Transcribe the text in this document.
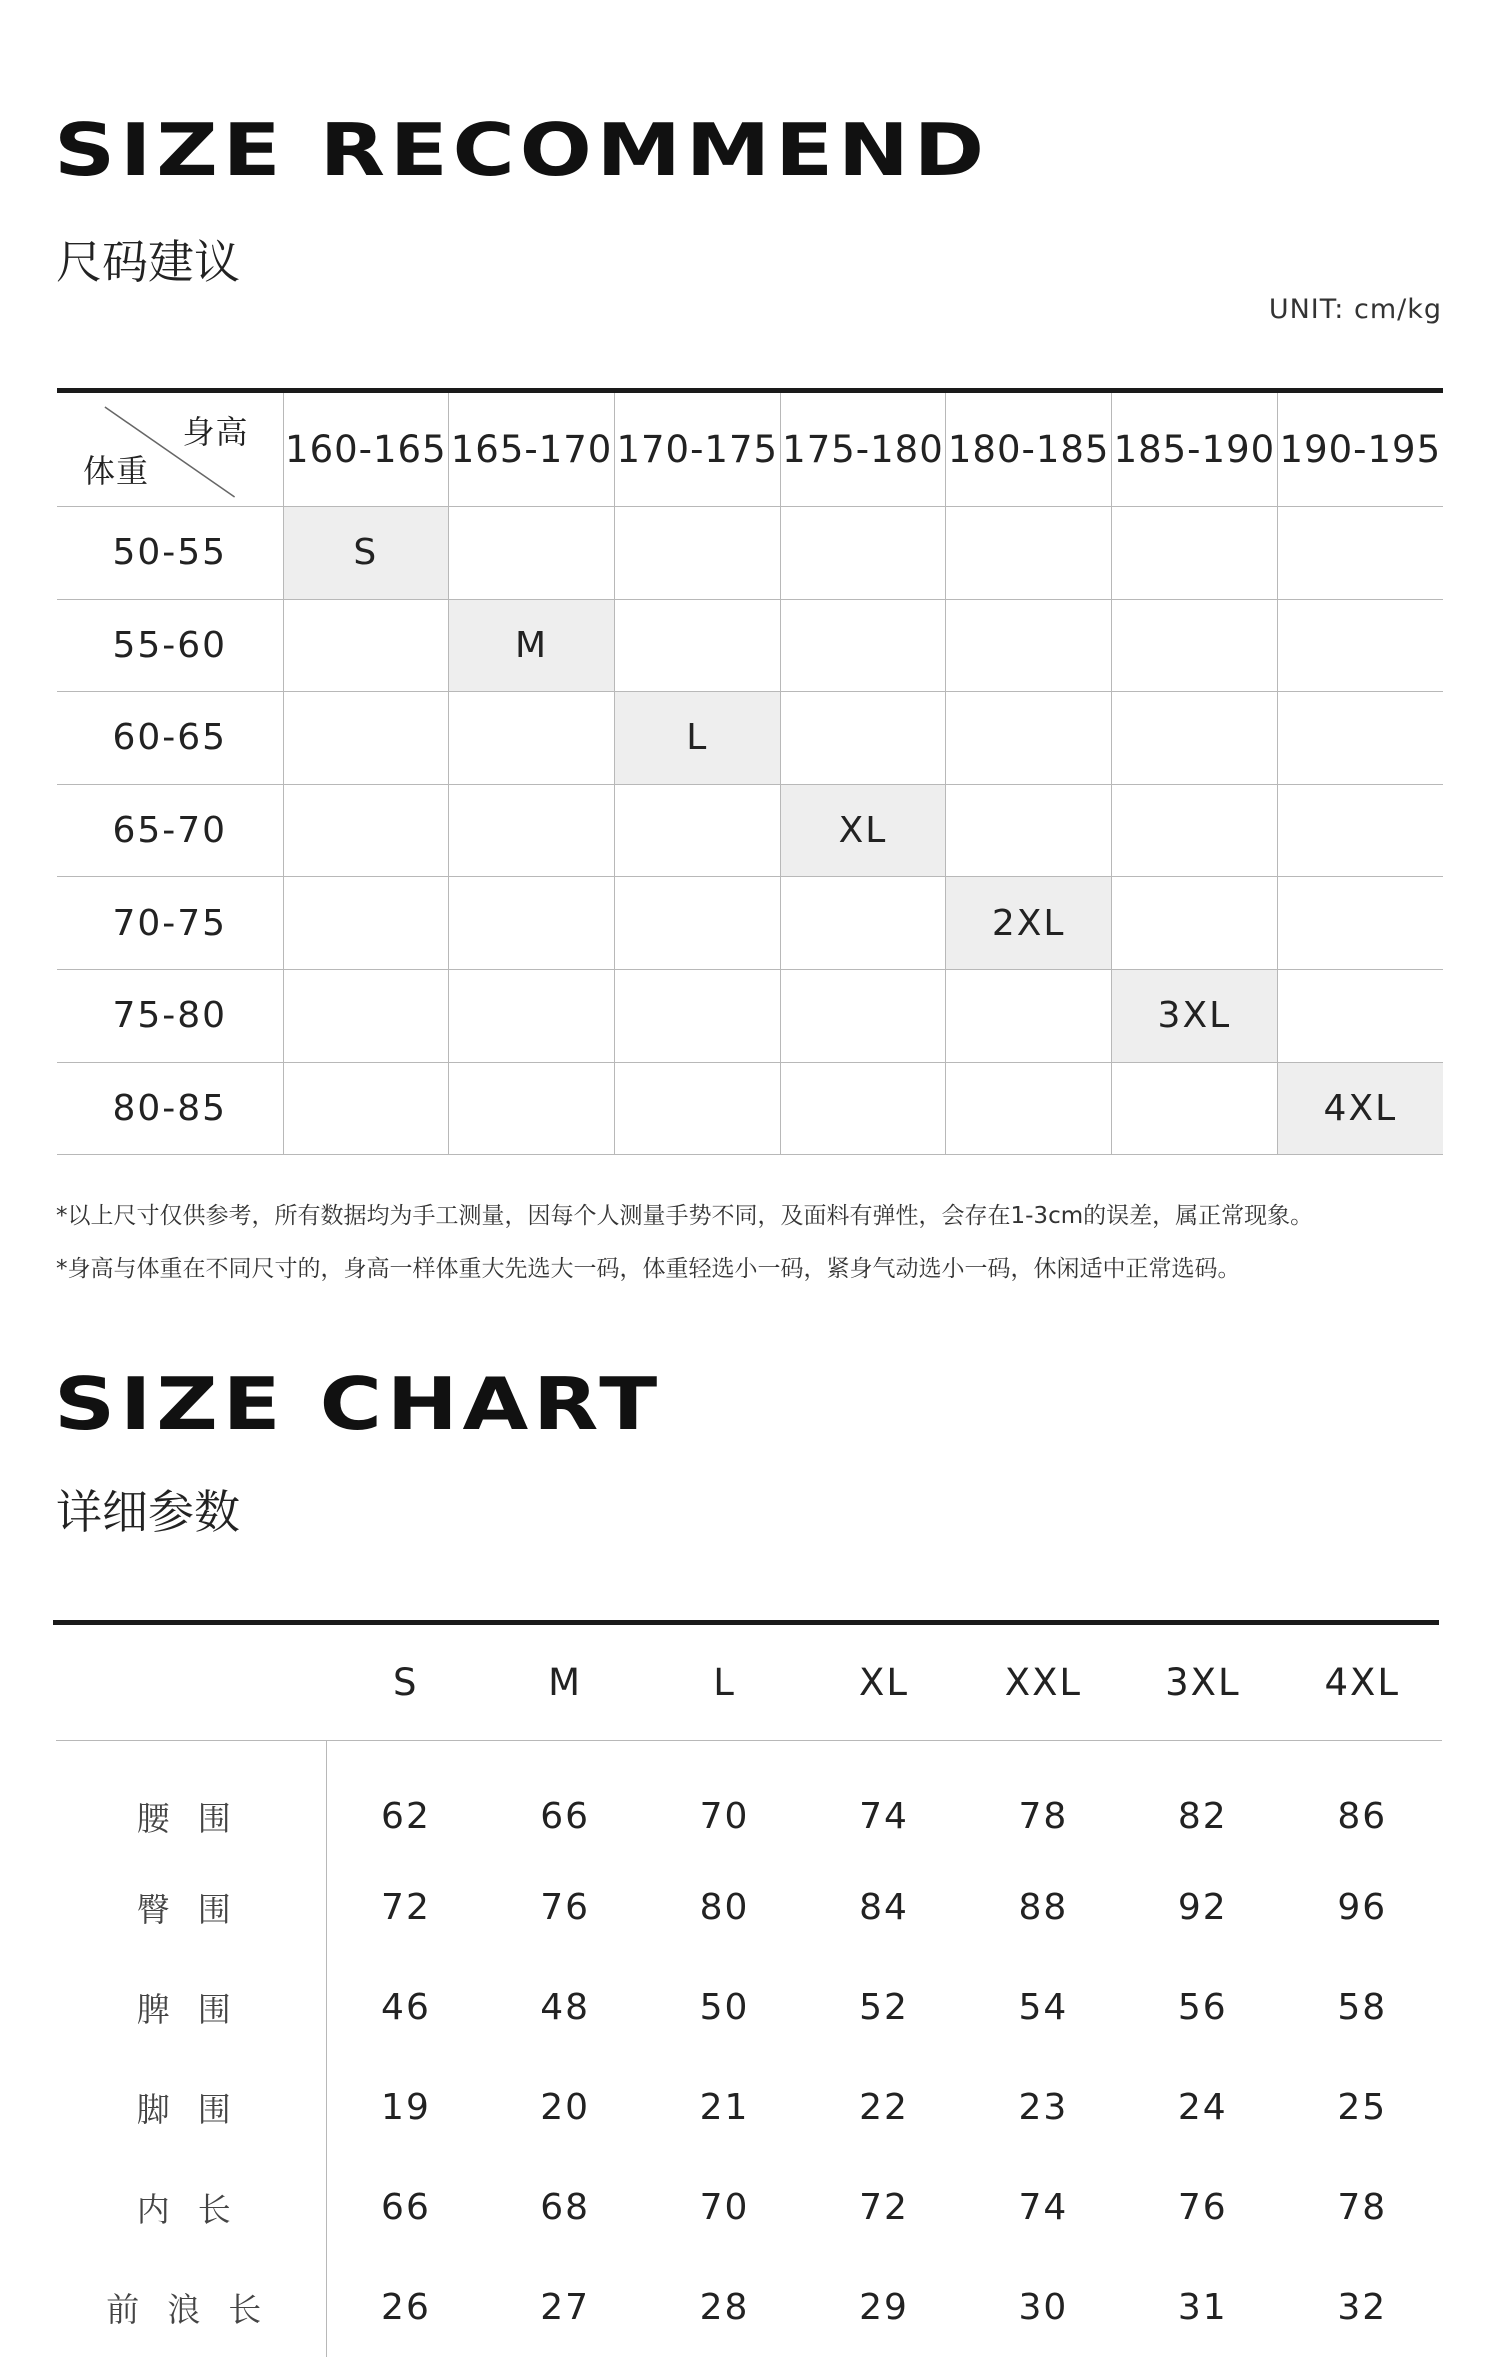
SIZE RECOMMEND
尺码建议
UNIT: cm/kg
身高
体重	160-165	165-170	170-175	175-180	180-185	185-190	190-195
50-55	S						
55-60		M					
60-65			L				
65-70				XL			
70-75					2XL		
75-80						3XL	
80-85							4XL

*以上尺寸仅供参考，所有数据均为手工测量，因每个人测量手势不同，及面料有弹性，会存在1-3cm的误差，属正常现象。

*身高与体重在不同尺寸的，身高一样体重大先选大一码，体重轻选小一码，紧身气动选小一码，休闲适中正常选码。

SIZE CHART
详细参数
	S	M	L	XL	XXL	3XL	4XL
腰围	62	66	70	74	78	82	86
臀围	72	76	80	84	88	92	96
脾围	46	48	50	52	54	56	58
脚围	19	20	21	22	23	24	25
内长	66	68	70	72	74	76	78
前浪长	26	27	28	29	30	31	32
